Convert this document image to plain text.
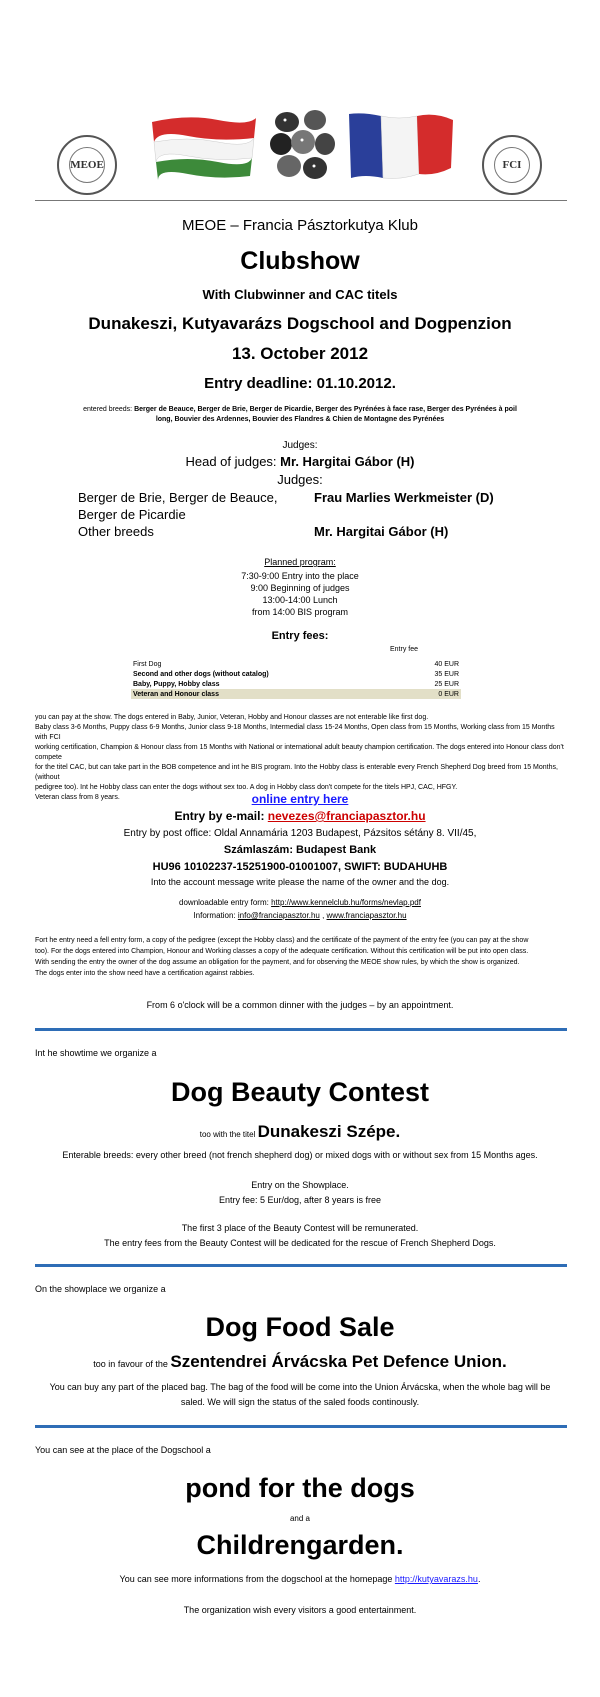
MEOE	FCI
MEOE – Francia Pásztorkutya Klub
Clubshow
With Clubwinner and CAC titels
Dunakeszi, Kutyavarázs Dogschool and Dogpenzion
13. October 2012
Entry deadline: 01.10.2012.
entered breeds: Berger de Beauce, Berger de Brie, Berger de Picardie, Berger des Pyrénées à face rase, Berger des Pyrénées à poil
long, Bouvier des Ardennes, Bouvier des Flandres & Chien de Montagne des Pyrénées
Judges:
Head of judges: Mr. Hargitai Gábor (H)
Judges:
Berger de Brie, Berger de Beauce,	Frau Marlies Werkmeister (D)
Berger de Picardie
Other breeds	Mr. Hargitai Gábor (H)
Planned program:
7:30-9:00 Entry into the place
9:00 Beginning of judges
13:00-14:00 Lunch
from 14:00 BIS program
Entry fees:
Entry fee
First Dog	40 EUR
Second and other dogs (without catalog)	35 EUR
Baby, Puppy, Hobby class	25 EUR
Veteran and Honour class	0 EUR
you can pay at the show. The dogs entered in Baby, Junior, Veteran, Hobby and Honour classes are not enterable like first dog.
Baby class 3-6 Months, Puppy class 6-9 Months, Junior class 9-18 Months, Intermedial class 15-24 Months, Open class from 15 Months, Working class from 15 Months with FCI
working certification, Champion & Honour class from 15 Months with National or international adult beauty champion certification. The dogs entered into Honour class don't compete
for the titel CAC, but can take part in the BOB competence and int he BIS program. Into the Hobby class is enterable every French Shepherd Dog breed from 15 Months, (without
pedigree too). Int he Hobby class can enter the dogs without sex too. A dog in Hobby class don't compete for the titels HPJ, CAC, HFGY.
Veteran class from 8 years.	online entry here
Entry by e-mail: nevezes@franciapasztor.hu
Entry by post office: Oldal Annamária 1203 Budapest, Pázsitos sétány 8. VII/45,
Számlaszám: Budapest Bank
HU96 10102237-15251900-01001007, SWIFT: BUDAHUHB
Into the account message write please the name of the owner and the dog.
downloadable entry form: http://www.kennelclub.hu/forms/nevlap.pdf
Information: info@franciapasztor.hu , www.franciapasztor.hu
Fort he entry need a fell entry form, a copy of the pedigree (except the Hobby class) and the certificate of the payment of the entry fee (you can pay at the show
too). For the dogs entered into Champion, Honour and Working classes a copy of the adequate certification. Without this certification will be put into open class.
With sending the entry the owner of the dog assume an obligation for the payment, and for observing the MEOE show rules, by which the show is organized.
The dogs enter into the show need have a certification against rabbies.
From 6 o'clock will be a common dinner with the judges – by an appointment.
Int he showtime we organize a
Dog Beauty Contest
too with the titel Dunakeszi Szépe.
Enterable breeds: every other breed (not french shepherd dog) or mixed dogs with or without sex from 15 Months ages.
Entry on the Showplace.
Entry fee: 5 Eur/dog, after 8 years is free
The first 3 place of the Beauty Contest will be remunerated.
The entry fees from the Beauty Contest will be dedicated for the rescue of French Shepherd Dogs.
On the showplace we organize a
Dog Food Sale
too in favour of the Szentendrei Árvácska Pet Defence Union.
You can buy any part of the placed bag. The bag of the food will be come into the Union Árvácska, when the whole bag will be
saled. We will sign the status of the saled foods continously.
You can see at the place of the Dogschool a
pond for the dogs
and a
Childrengarden.
You can see more informations from the dogschool at the homepage http://kutyavarazs.hu.
The organization wish every visitors a good entertainment.
